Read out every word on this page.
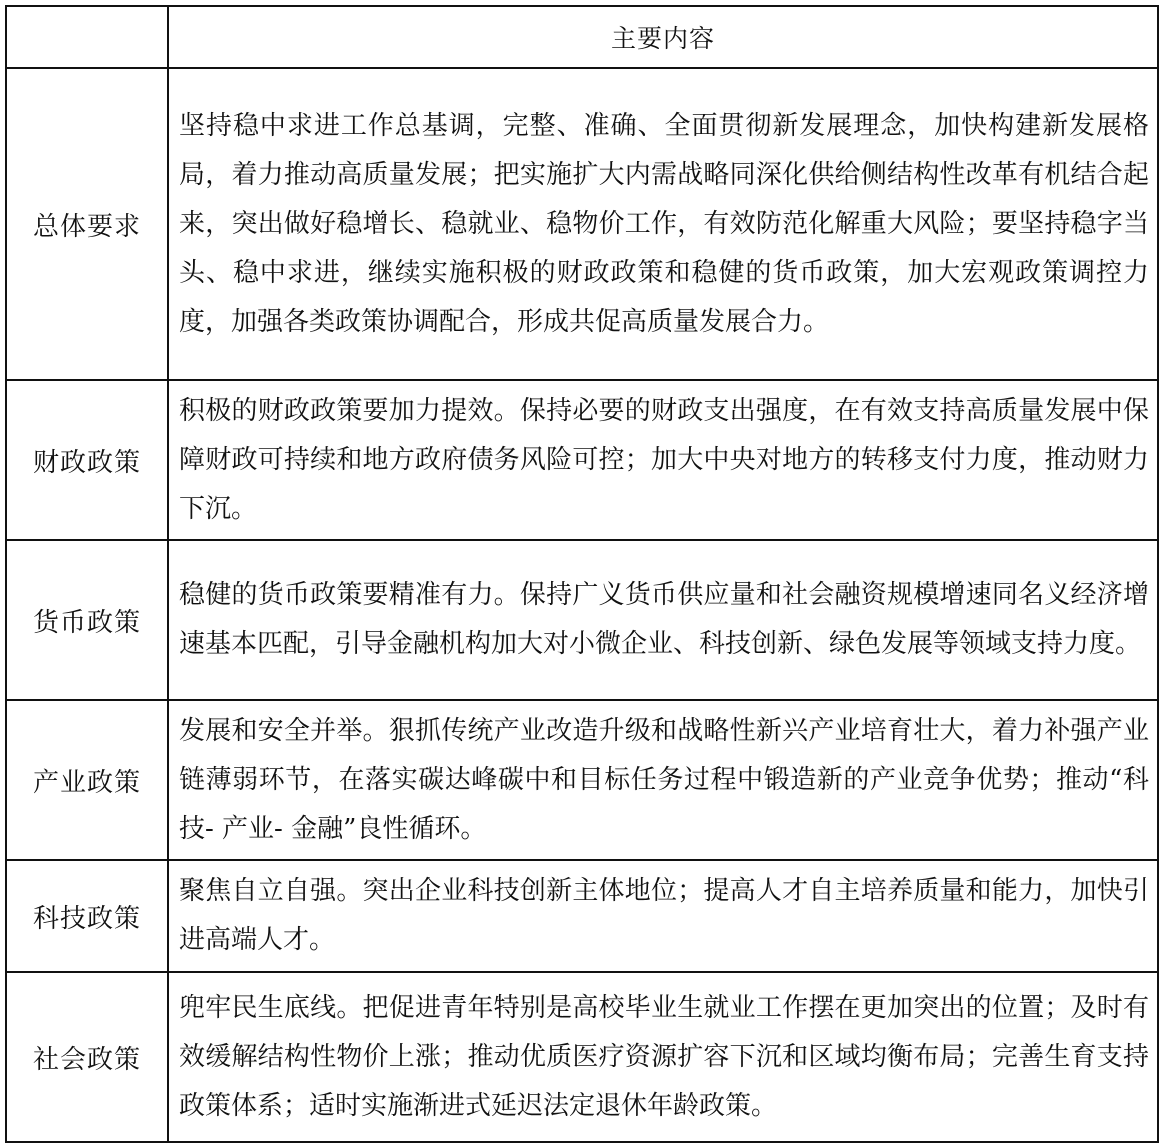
	主要内容
总体要求	坚持稳中求进工作总基调，完整、准确、全面贯彻新发展理念，加快构建新发展格局，着力推动高质量发展；把实施扩大内需战略同深化供给侧结构性改革有机结合起来，突出做好稳增长、稳就业、稳物价工作，有效防范化解重大风险；要坚持稳字当头、稳中求进，继续实施积极的财政政策和稳健的货币政策，加大宏观政策调控力度，加强各类政策协调配合，形成共促高质量发展合力。
财政政策	积极的财政政策要加力提效。保持必要的财政支出强度，在有效支持高质量发展中保障财政可持续和地方政府债务风险可控；加大中央对地方的转移支付力度，推动财力下沉。
货币政策	稳健的货币政策要精准有力。保持广义货币供应量和社会融资规模增速同名义经济增速基本匹配，引导金融机构加大对小微企业、科技创新、绿色发展等领域支持力度。
产业政策	发展和安全并举。狠抓传统产业改造升级和战略性新兴产业培育壮大，着力补强产业链薄弱环节，在落实碳达峰碳中和目标任务过程中锻造新的产业竞争优势；推动“科技- 产业- 金融”良性循环。
科技政策	聚焦自立自强。突出企业科技创新主体地位；提高人才自主培养质量和能力，加快引进高端人才。
社会政策	兜牢民生底线。把促进青年特别是高校毕业生就业工作摆在更加突出的位置；及时有效缓解结构性物价上涨；推动优质医疗资源扩容下沉和区域均衡布局；完善生育支持政策体系；适时实施渐进式延迟法定退休年龄政策。
